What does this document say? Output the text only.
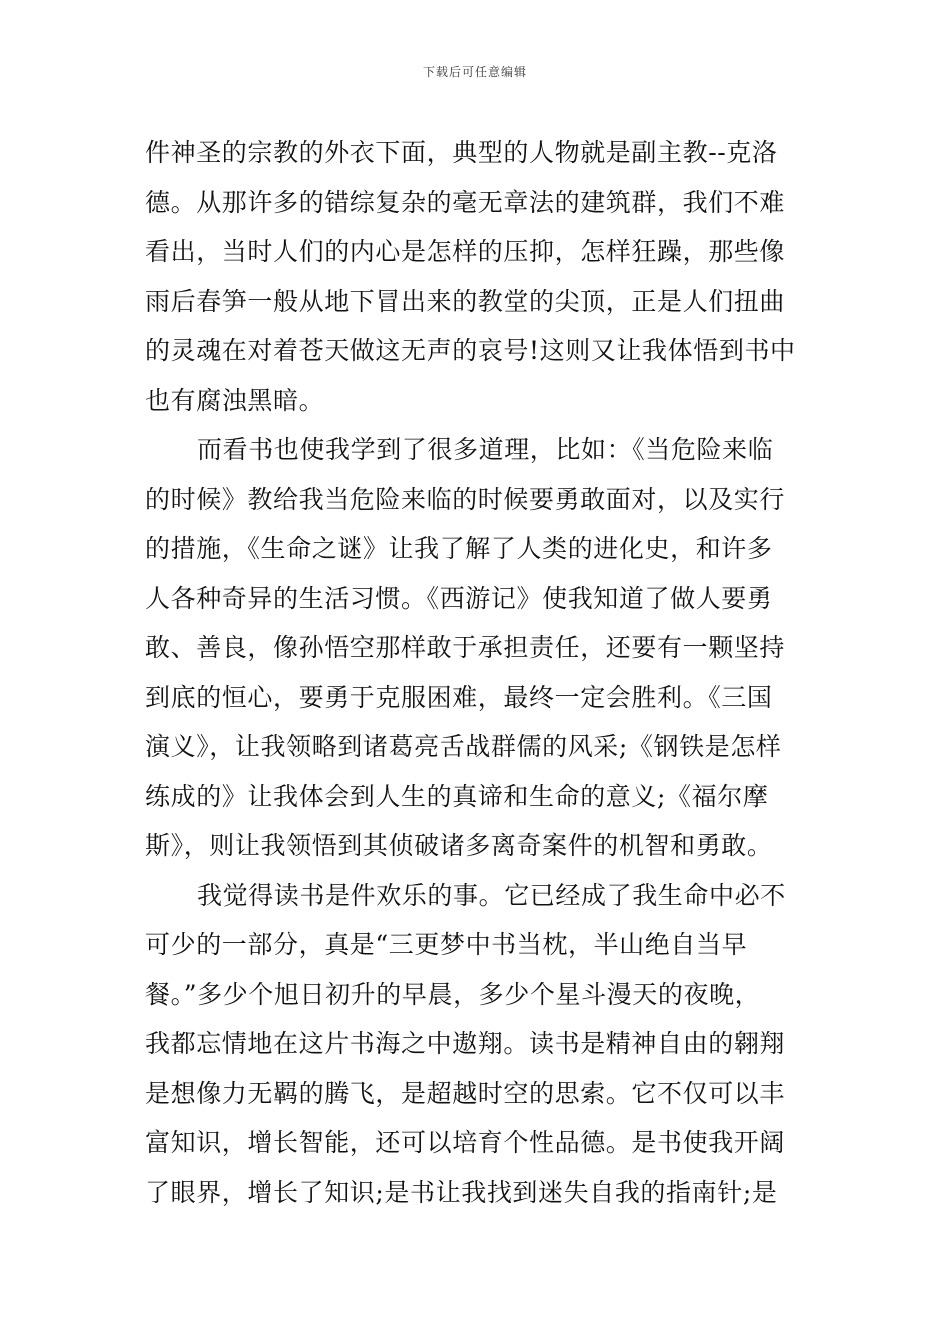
下载后可任意编辑
件神圣的宗教的外衣下面，典型的人物就是副主教--克洛
德。从那许多的错综复杂的毫无章法的建筑群，我们不难
看出，当时人们的内心是怎样的压抑，怎样狂躁，那些像
雨后春笋一般从地下冒出来的教堂的尖顶，正是人们扭曲
的灵魂在对着苍天做这无声的哀号!这则又让我体悟到书中
也有腐浊黑暗。
而看书也使我学到了很多道理，比如：《当危险来临
的时候》教给我当危险来临的时候要勇敢面对，以及实行
的措施，《生命之谜》让我了解了人类的进化史，和许多
人各种奇异的生活习惯。《西游记》使我知道了做人要勇
敢、善良，像孙悟空那样敢于承担责任，还要有一颗坚持
到底的恒心，要勇于克服困难，最终一定会胜利。《三国
演义》，让我领略到诸葛亮舌战群儒的风采;《钢铁是怎样
练成的》让我体会到人生的真谛和生命的意义;《福尔摩
斯》，则让我领悟到其侦破诸多离奇案件的机智和勇敢。
我觉得读书是件欢乐的事。它已经成了我生命中必不
可少的一部分，真是“三更梦中书当枕，半山绝自当早
餐。”多少个旭日初升的早晨，多少个星斗漫天的夜晚，
我都忘情地在这片书海之中遨翔。读书是精神自由的翱翔
是想像力无羁的腾飞，是超越时空的思索。它不仅可以丰
富知识，增长智能，还可以培育个性品德。是书使我开阔
了眼界，增长了知识;是书让我找到迷失自我的指南针;是
